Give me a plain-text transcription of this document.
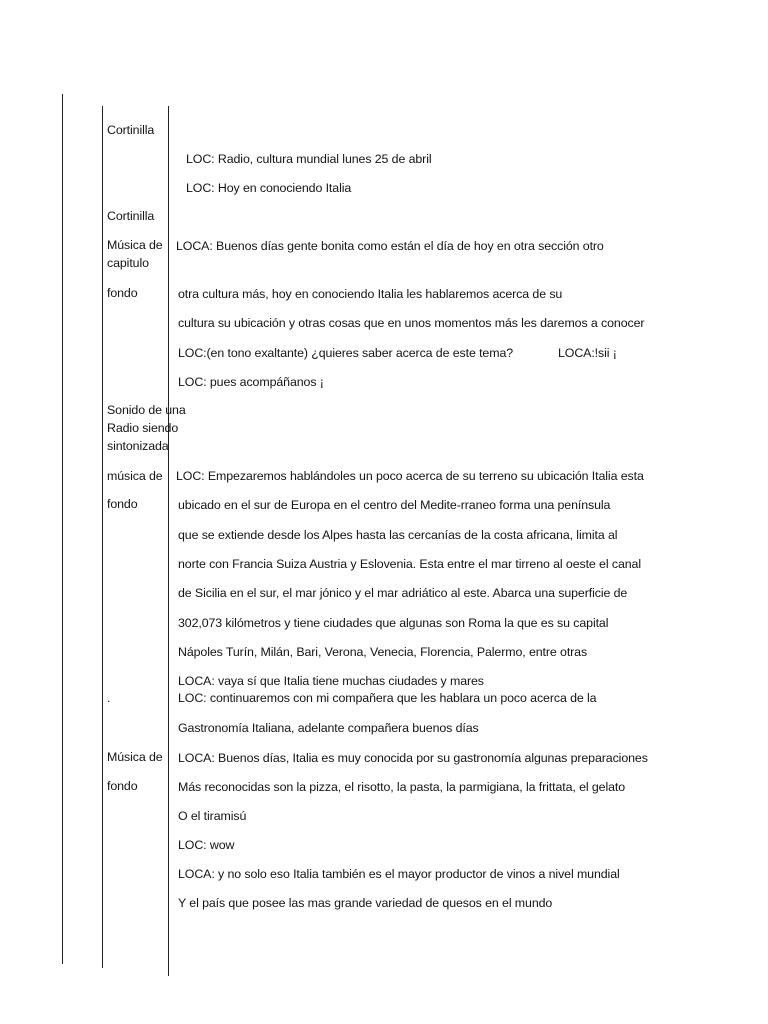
Cortinilla
Cortinilla
Música de
capitulo
fondo
Sonido de una
Radio siendo
sintonizada
música de
fondo
.
Música de
fondo
LOC: Radio, cultura mundial lunes 25 de abril
LOC: Hoy en conociendo Italia
LOCA: Buenos días gente bonita como están el día de hoy en otra sección otro
otra cultura más, hoy en conociendo Italia les hablaremos acerca de su
cultura su ubicación y otras cosas que en unos momentos más les daremos a conocer
LOC:(en tono exaltante) ¿quieres saber acerca de este tema?	LOCA:!sii ¡
LOC: pues acompáñanos ¡
LOC: Empezaremos hablándoles un poco acerca de su terreno su ubicación Italia esta
ubicado en el sur de Europa en el centro del Medite-rraneo forma una península
que se extiende desde los Alpes hasta las cercanías de la costa africana, limita al
norte con Francia Suiza Austria y Eslovenia. Esta entre el mar tirreno al oeste el canal
de Sicilia en el sur, el mar jónico y el mar adriático al este. Abarca una superficie de
302,073 kilómetros y tiene ciudades que algunas son Roma la que es su capital
Nápoles Turín, Milán, Bari, Verona, Venecia, Florencia, Palermo, entre otras
LOCA: vaya sí que Italia tiene muchas ciudades y mares
LOC: continuaremos con mi compañera que les hablara un poco acerca de la
Gastronomía Italiana, adelante compañera buenos días
LOCA: Buenos días, Italia es muy conocida por su gastronomía algunas preparaciones
Más reconocidas son la pizza, el risotto, la pasta, la parmigiana, la frittata, el gelato
O el tiramisú
LOC: wow
LOCA: y no solo eso Italia también es el mayor productor de vinos a nivel mundial
Y el país que posee las mas grande variedad de quesos en el mundo
